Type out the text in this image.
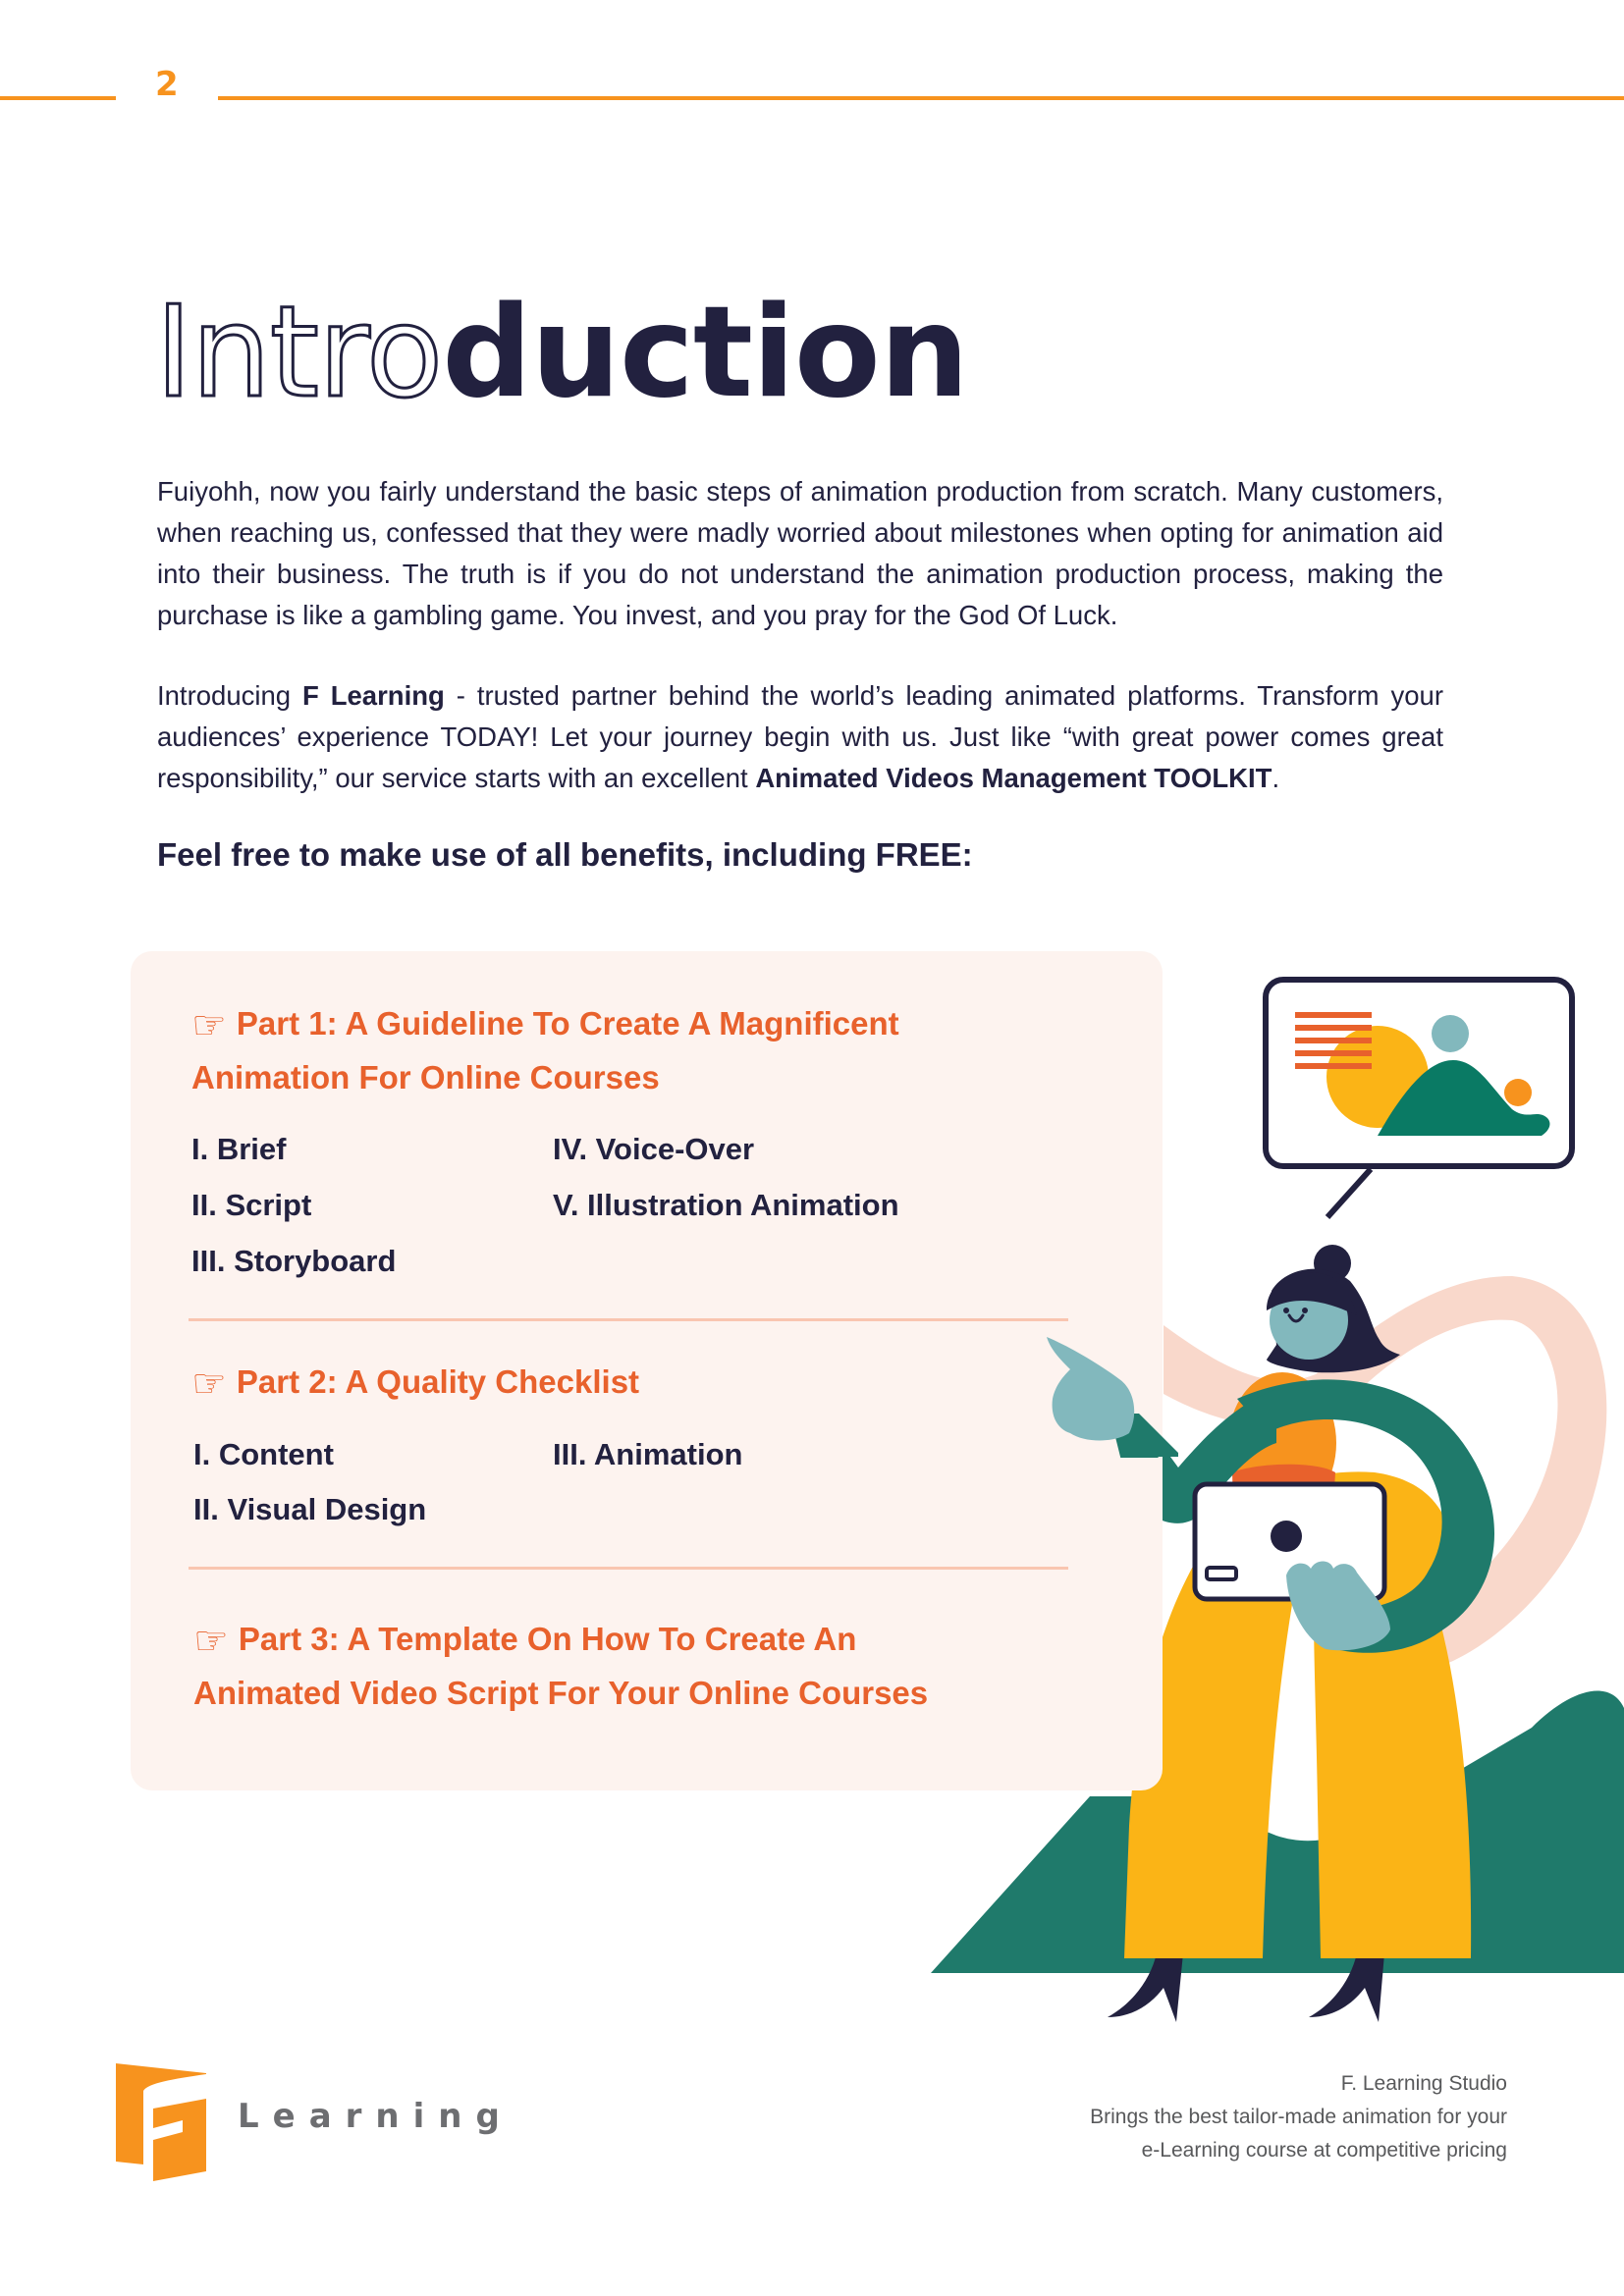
2
Introduction
Fuiyohh, now you fairly understand the basic steps of animation production from scratch. Many customers, when reaching us, confessed that they were madly worried about milestones when opting for animation aid into their business. The truth is if you do not understand the animation production process, making the purchase is like a gambling game. You invest, and you pray for the God Of Luck.
Introducing F Learning - trusted partner behind the world’s leading animated platforms. Transform your audiences’ experience TODAY! Let your journey begin with us. Just like “with great power comes great responsibility,” our service starts with an excellent Animated Videos Management TOOLKIT.
Feel free to make use of all benefits, including FREE:
☞ Part 1: A Guideline To Create A Magnificent
Animation For Online Courses
I. Brief
II. Script
III. Storyboard
IV. Voice-Over
V. Illustration Animation
☞ Part 2: A Quality Checklist
I. Content
II. Visual Design
III. Animation
☞ Part 3: A Template On How To Create An
Animated Video Script For Your Online Courses
Learning
F. Learning Studio
Brings the best tailor-made animation for your
e-Learning course at competitive pricing
